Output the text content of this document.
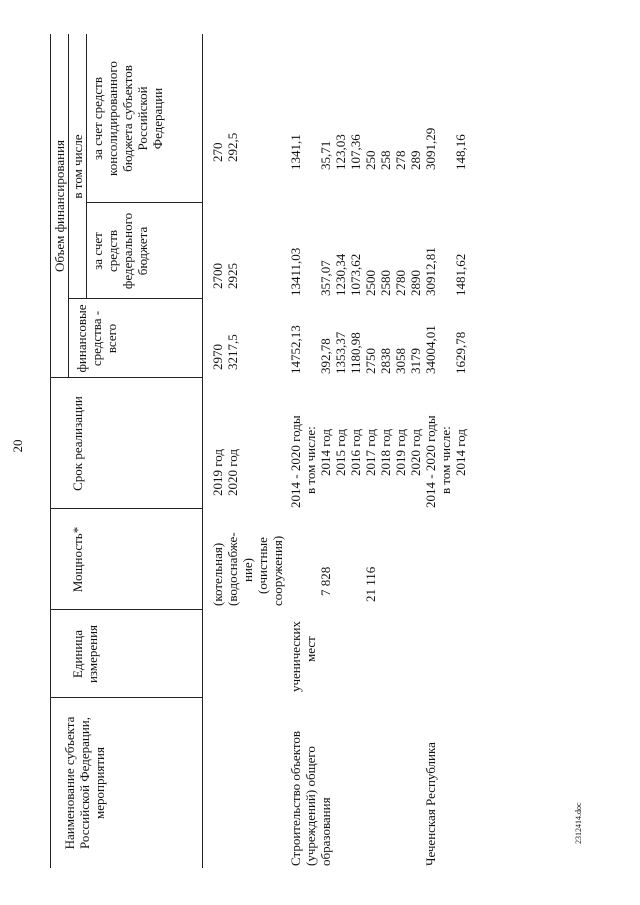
20
2312414.doc
Наименование субъекта
Российской Федерации,
мероприятия
Единица
измерения
Мощность*
Срок реализации
Объем финансирования
финансовые
средства -
всего
в том числе
за счет
средств
федерального
бюджета
за счет средств
консолидированного
бюджета субъектов
Российской
Федерации
(котельная)
2019 год
2970
2700
270
(водоснабже-
2020 год
3217,5
2925
292,5
ние) (очистные сооружения)
Строительство объектов
ученических
2014 - 2020 годы
14752,13
13411,03
1341,1
(учреждений) общего
мест
в том числе:
образования
7 828
2014 год
392,78
357,07
35,71
2015 год
1353,37
1230,34
123,03
2016 год
1180,98
1073,62
107,36
21 116
2017 год
2750
2500
250
2018 год
2838
2580
258
2019 год
3058
2780
278
2020 год
3179
2890
289
Чеченская Республика
2014 - 2020 годы
34004,01
30912,81
3091,29
в том числе: 2014 год
1629,78
1481,62
148,16
